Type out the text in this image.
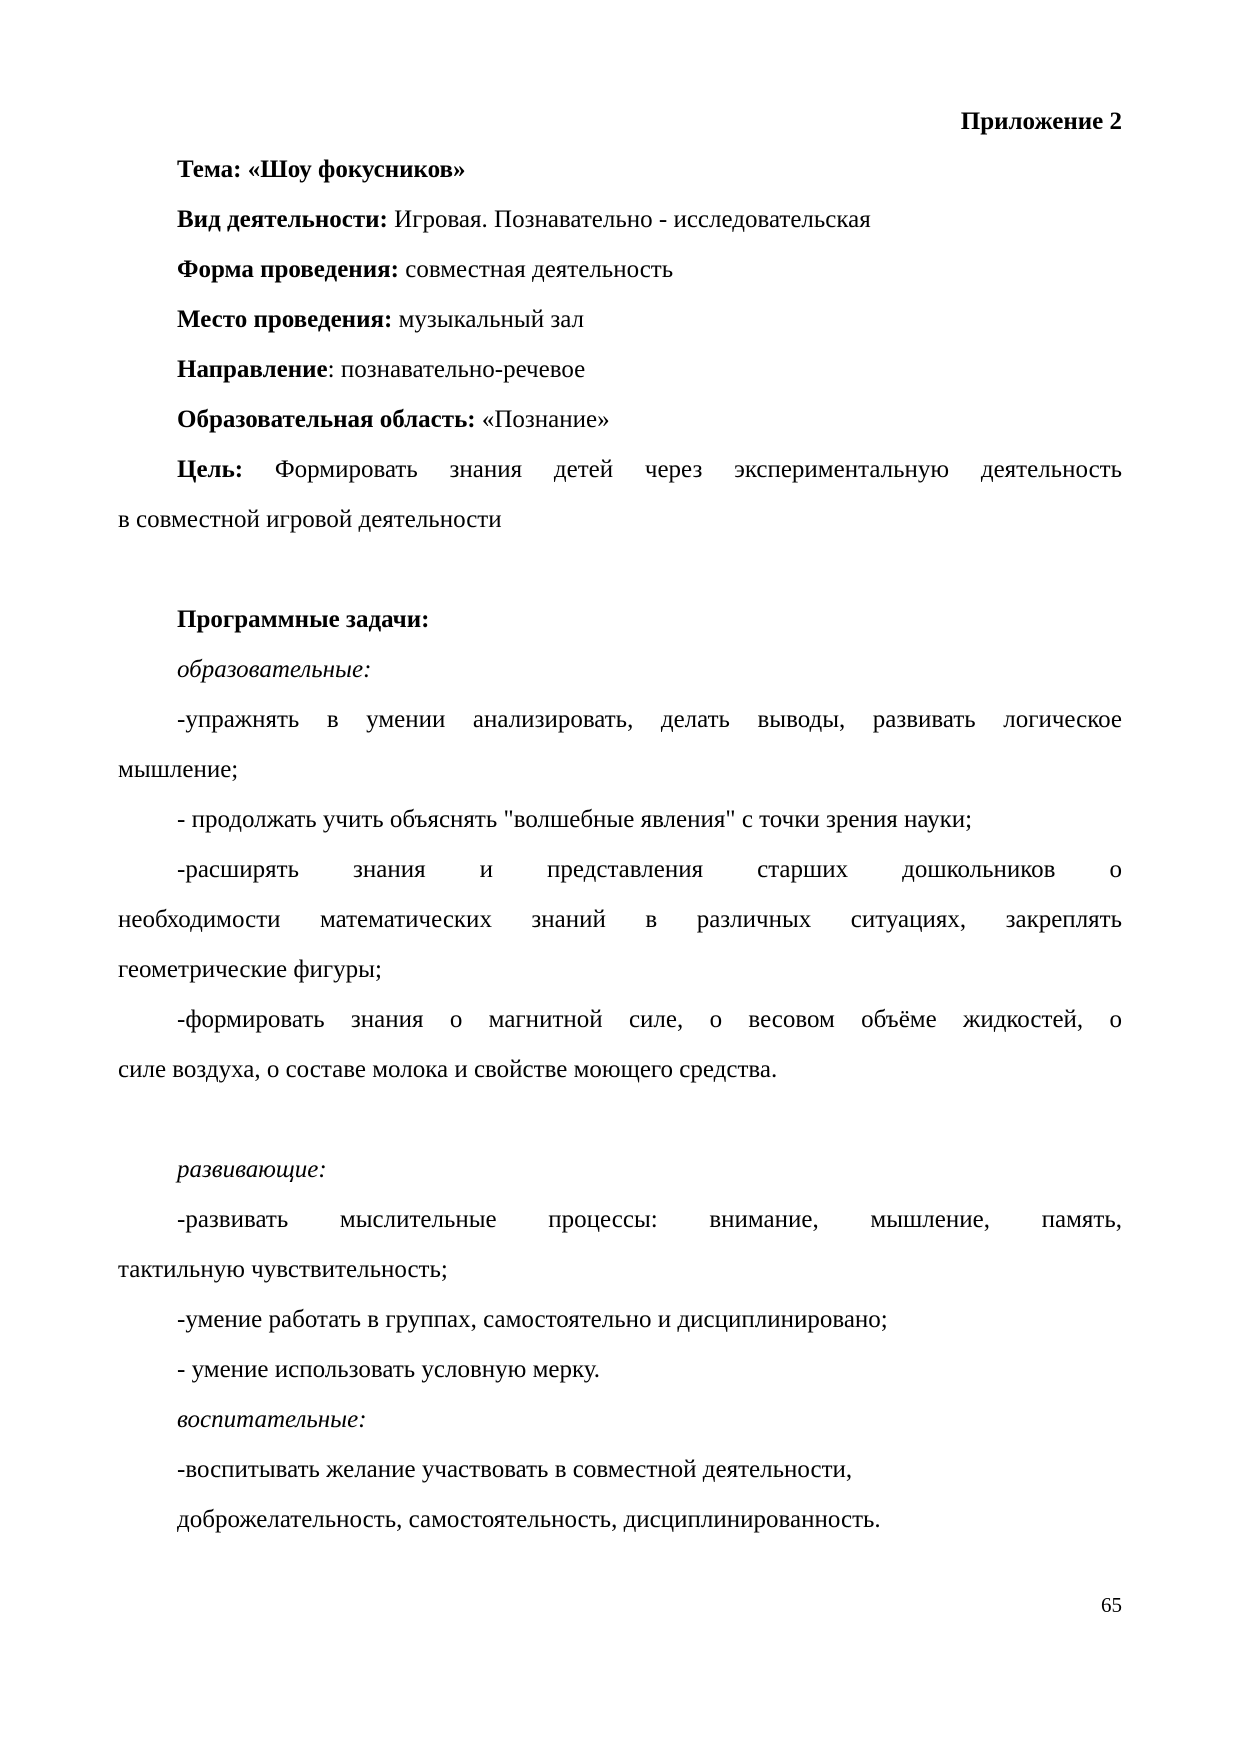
Приложение 2
Тема: «Шоу фокусников»
Вид деятельности: Игровая. Познавательно - исследовательская
Форма проведения: совместная деятельность
Место проведения: музыкальный зал
Направление: познавательно-речевое
Образовательная область: «Познание»
Цель: Формировать знания детей через экспериментальную деятельность
в совместной игровой деятельности
Программные задачи:
образовательные:
-упражнять в умении анализировать, делать выводы, развивать логическое
мышление;
- продолжать учить объяснять "волшебные явления" с точки зрения науки;
-расширять знания и представления старших дошкольников о
необходимости математических знаний в различных ситуациях, закреплять
геометрические фигуры;
-формировать знания о магнитной силе, о весовом объёме жидкостей, о
силе воздуха, о составе молока и свойстве моющего средства.
развивающие:
-развивать мыслительные процессы: внимание, мышление, память,
тактильную чувствительность;
-умение работать в группах, самостоятельно и дисциплинировано;
- умение использовать условную мерку.
воспитательные:
-воспитывать желание участвовать в совместной деятельности,
доброжелательность, самостоятельность, дисциплинированность.
65
